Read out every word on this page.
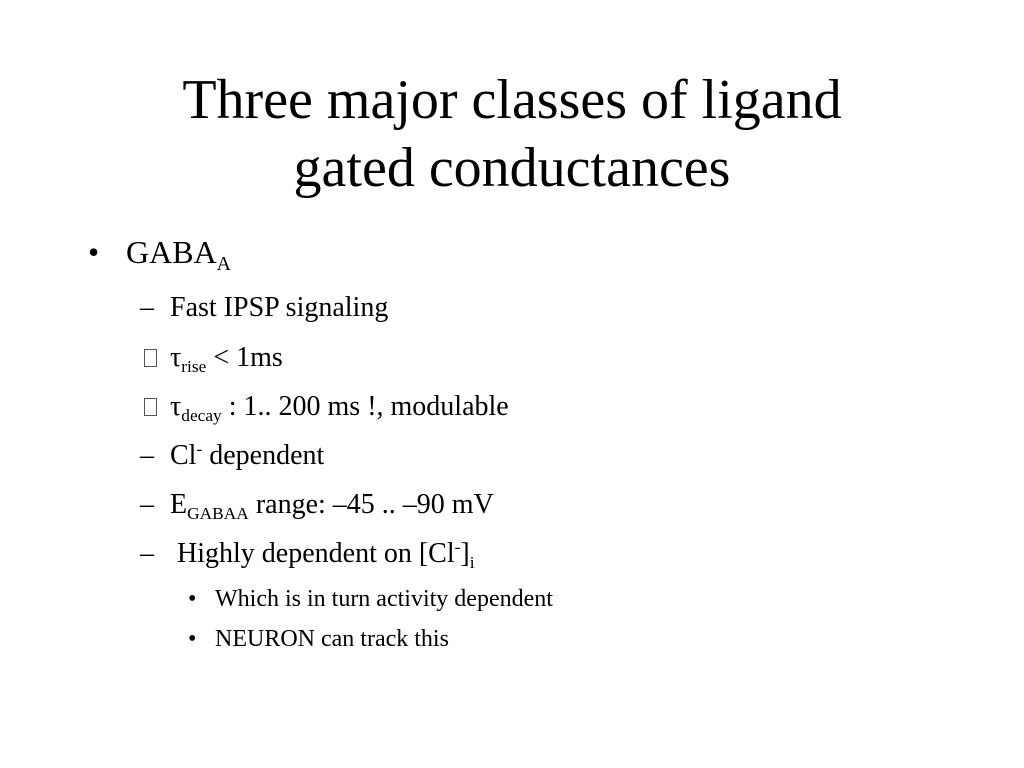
Three major classes of ligand
gated conductances
• $GABA_A$
– Fast IPSP signaling
$\tau_{rise} < 1ms$
$\tau_{decay}$ : 1.. 200 ms !, modulable
– Cl- dependent
– $E_{GABAA}$ range: –45 .. –90 mV
– Highly dependent on $[Cl^-]_i$
• Which is in turn activity dependent
• NEURON can track this
